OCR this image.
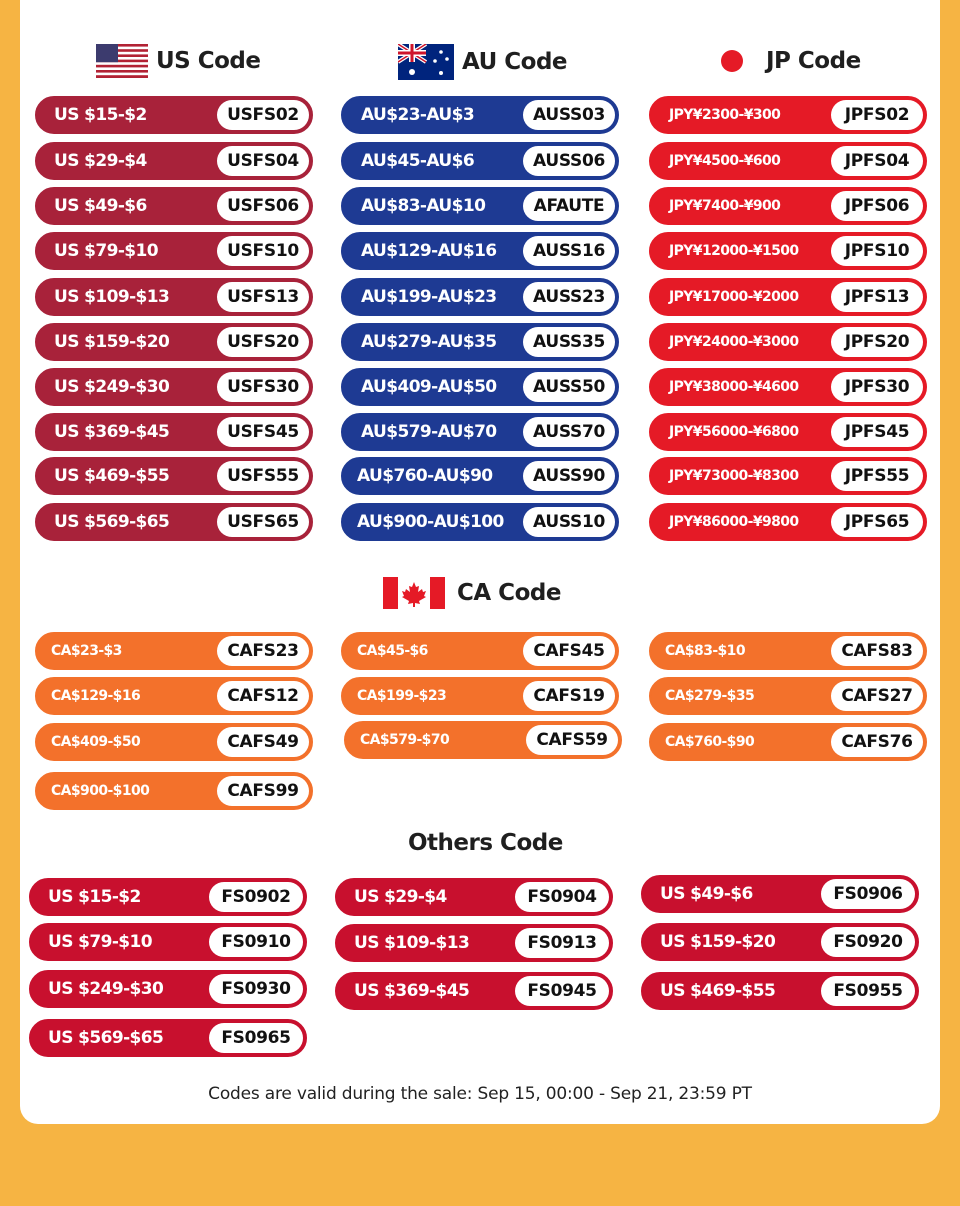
US Code	AU Code	JP Code
CA Code
Others Code
US $15-$2	USFS02
US $29-$4	USFS04
US $49-$6	USFS06
US $79-$10	USFS10
US $109-$13	USFS13
US $159-$20	USFS20
US $249-$30	USFS30
US $369-$45	USFS45
US $469-$55	USFS55
US $569-$65	USFS65
AU$23-AU$3	AUSS03
AU$45-AU$6	AUSS06
AU$83-AU$10	AFAUTE
AU$129-AU$16	AUSS16
AU$199-AU$23	AUSS23
AU$279-AU$35	AUSS35
AU$409-AU$50	AUSS50
AU$579-AU$70	AUSS70
AU$760-AU$90	AUSS90
AU$900-AU$100	AUSS10
JPY¥2300-¥300	JPFS02
JPY¥4500-¥600	JPFS04
JPY¥7400-¥900	JPFS06
JPY¥12000-¥1500	JPFS10
JPY¥17000-¥2000	JPFS13
JPY¥24000-¥3000	JPFS20
JPY¥38000-¥4600	JPFS30
JPY¥56000-¥6800	JPFS45
JPY¥73000-¥8300	JPFS55
JPY¥86000-¥9800	JPFS65
CA$23-$3	CAFS23	CA$45-$6	CAFS45	CA$83-$10	CAFS83
CA$129-$16	CAFS12	CA$199-$23	CAFS19	CA$279-$35	CAFS27
CA$409-$50	CAFS49	CA$579-$70	CAFS59	CA$760-$90	CAFS76
CA$900-$100	CAFS99
US $15-$2	FS0902	US $29-$4	FS0904	US $49-$6	FS0906
US $79-$10	FS0910	US $109-$13	FS0913	US $159-$20	FS0920
US $249-$30	FS0930	US $369-$45	FS0945	US $469-$55	FS0955
US $569-$65	FS0965
Codes are valid during the sale: Sep 15, 00:00 - Sep 21, 23:59 PT
